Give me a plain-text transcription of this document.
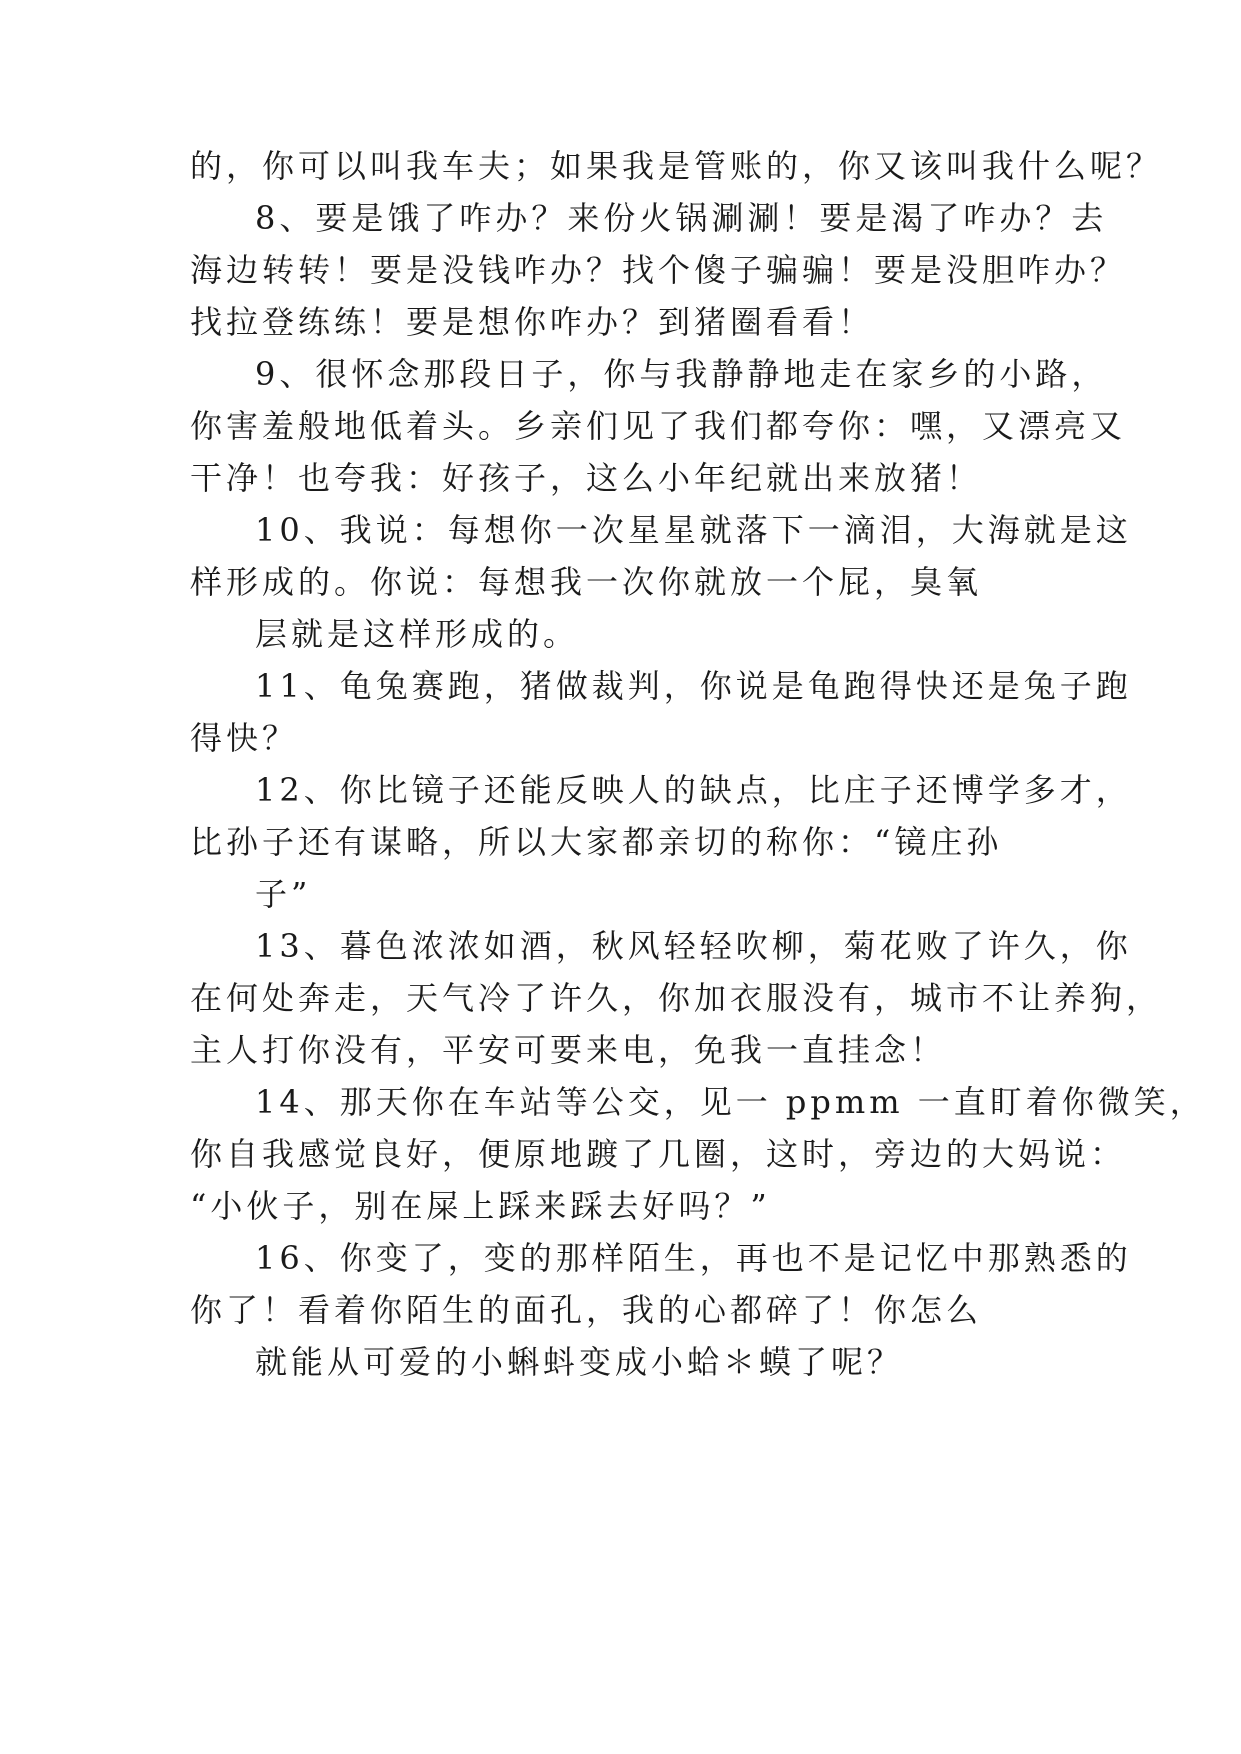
的，你可以叫我车夫；如果我是管账的，你又该叫我什么呢？
8、要是饿了咋办？来份火锅涮涮！要是渴了咋办？去
海边转转！要是没钱咋办？找个傻子骗骗！要是没胆咋办？
找拉登练练！要是想你咋办？到猪圈看看！
9、很怀念那段日子，你与我静静地走在家乡的小路，
你害羞般地低着头。乡亲们见了我们都夸你：嘿，又漂亮又
干净！也夸我：好孩子，这么小年纪就出来放猪！
10、我说：每想你一次星星就落下一滴泪，大海就是这
样形成的。你说：每想我一次你就放一个屁，臭氧
层就是这样形成的。
11、龟兔赛跑，猪做裁判，你说是龟跑得快还是兔子跑
得快？
12、你比镜子还能反映人的缺点，比庄子还博学多才，
比孙子还有谋略，所以大家都亲切的称你：“镜庄孙
子”
13、暮色浓浓如酒，秋风轻轻吹柳，菊花败了许久，你
在何处奔走，天气冷了许久，你加衣服没有，城市不让养狗，
主人打你没有，平安可要来电，免我一直挂念！
14、那天你在车站等公交，见一 ppmm 一直盯着你微笑，
你自我感觉良好，便原地踱了几圈，这时，旁边的大妈说：
“小伙子，别在屎上踩来踩去好吗？”
16、你变了，变的那样陌生，再也不是记忆中那熟悉的
你了！看着你陌生的面孔，我的心都碎了！你怎么
就能从可爱的小蝌蚪变成小蛤＊蟆了呢？
